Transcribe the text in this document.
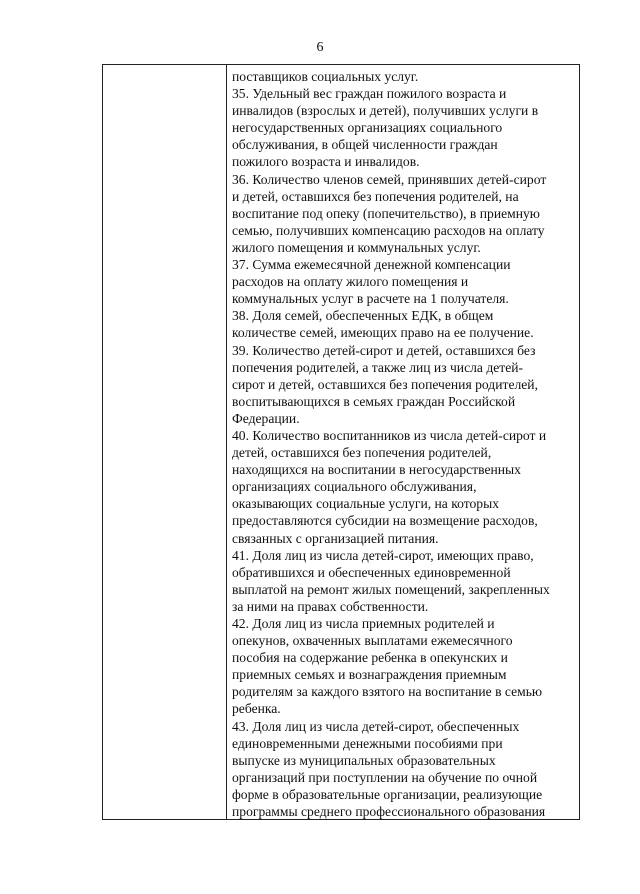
6
поставщиков социальных услуг.
35. Удельный вес граждан пожилого возраста и
инвалидов (взрослых и детей), получивших услуги в
негосударственных организациях социального
обслуживания, в общей численности граждан
пожилого возраста и инвалидов.
36. Количество членов семей, принявших детей-сирот
и детей, оставшихся без попечения родителей, на
воспитание под опеку (попечительство), в приемную
семью, получивших компенсацию расходов на оплату
жилого помещения и коммунальных услуг.
37. Сумма ежемесячной денежной компенсации
расходов на оплату жилого помещения и
коммунальных услуг в расчете на 1 получателя.
38. Доля семей, обеспеченных ЕДК, в общем
количестве семей, имеющих право на ее получение.
39. Количество детей-сирот и детей, оставшихся без
попечения родителей, а также лиц из числа детей-
сирот и детей, оставшихся без попечения родителей,
воспитывающихся в семьях граждан Российской
Федерации.
40. Количество воспитанников из числа детей-сирот и
детей, оставшихся без попечения родителей,
находящихся на воспитании в негосударственных
организациях социального обслуживания,
оказывающих социальные услуги, на которых
предоставляются субсидии на возмещение расходов,
связанных с организацией питания.
41. Доля лиц из числа детей-сирот, имеющих право,
обратившихся и обеспеченных единовременной
выплатой на ремонт жилых помещений, закрепленных
за ними на правах собственности.
42. Доля лиц из числа приемных родителей и
опекунов, охваченных выплатами ежемесячного
пособия на содержание ребенка в опекунских и
приемных семьях и вознаграждения приемным
родителям за каждого взятого на воспитание в семью
ребенка.
43. Доля лиц из числа детей-сирот, обеспеченных
единовременными денежными пособиями при
выпуске из муниципальных образовательных
организаций при поступлении на обучение по очной
форме в образовательные организации, реализующие
программы среднего профессионального образования
